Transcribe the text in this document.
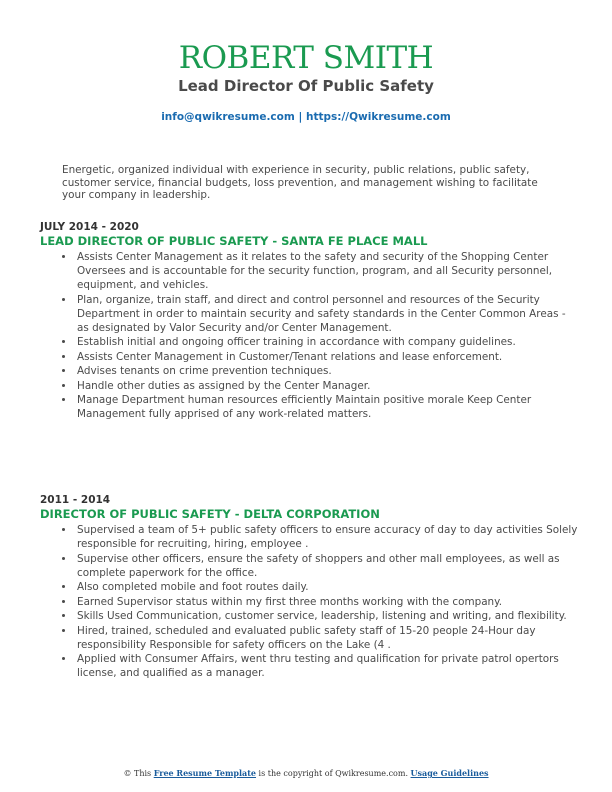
ROBERT SMITH
Lead Director Of Public Safety
info@qwikresume.com | https://Qwikresume.com
Energetic, organized individual with experience in security, public relations, public safety, customer service, financial budgets, loss prevention, and management wishing to facilitate your company in leadership.
JULY 2014 - 2020
LEAD DIRECTOR OF PUBLIC SAFETY - SANTA FE PLACE MALL
• Assists Center Management as it relates to the safety and security of the Shopping Center Oversees and is accountable for the security function, program, and all Security personnel, equipment, and vehicles.
• Plan, organize, train staff, and direct and control personnel and resources of the Security Department in order to maintain security and safety standards in the Center Common Areas - as designated by Valor Security and/or Center Management.
• Establish initial and ongoing officer training in accordance with company guidelines.
• Assists Center Management in Customer/Tenant relations and lease enforcement.
• Advises tenants on crime prevention techniques.
• Handle other duties as assigned by the Center Manager.
• Manage Department human resources efficiently Maintain positive morale Keep Center Management fully apprised of any work-related matters.
2011 - 2014
DIRECTOR OF PUBLIC SAFETY - DELTA CORPORATION
• Supervised a team of 5+ public safety officers to ensure accuracy of day to day activities Solely responsible for recruiting, hiring, employee .
• Supervise other officers, ensure the safety of shoppers and other mall employees, as well as complete paperwork for the office.
• Also completed mobile and foot routes daily.
• Earned Supervisor status within my first three months working with the company.
• Skills Used Communication, customer service, leadership, listening and writing, and flexibility.
• Hired, trained, scheduled and evaluated public safety staff of 15-20 people 24-Hour day responsibility Responsible for safety officers on the Lake (4 .
• Applied with Consumer Affairs, went thru testing and qualification for private patrol opertors license, and qualified as a manager.
© This Free Resume Template is the copyright of Qwikresume.com. Usage Guidelines
